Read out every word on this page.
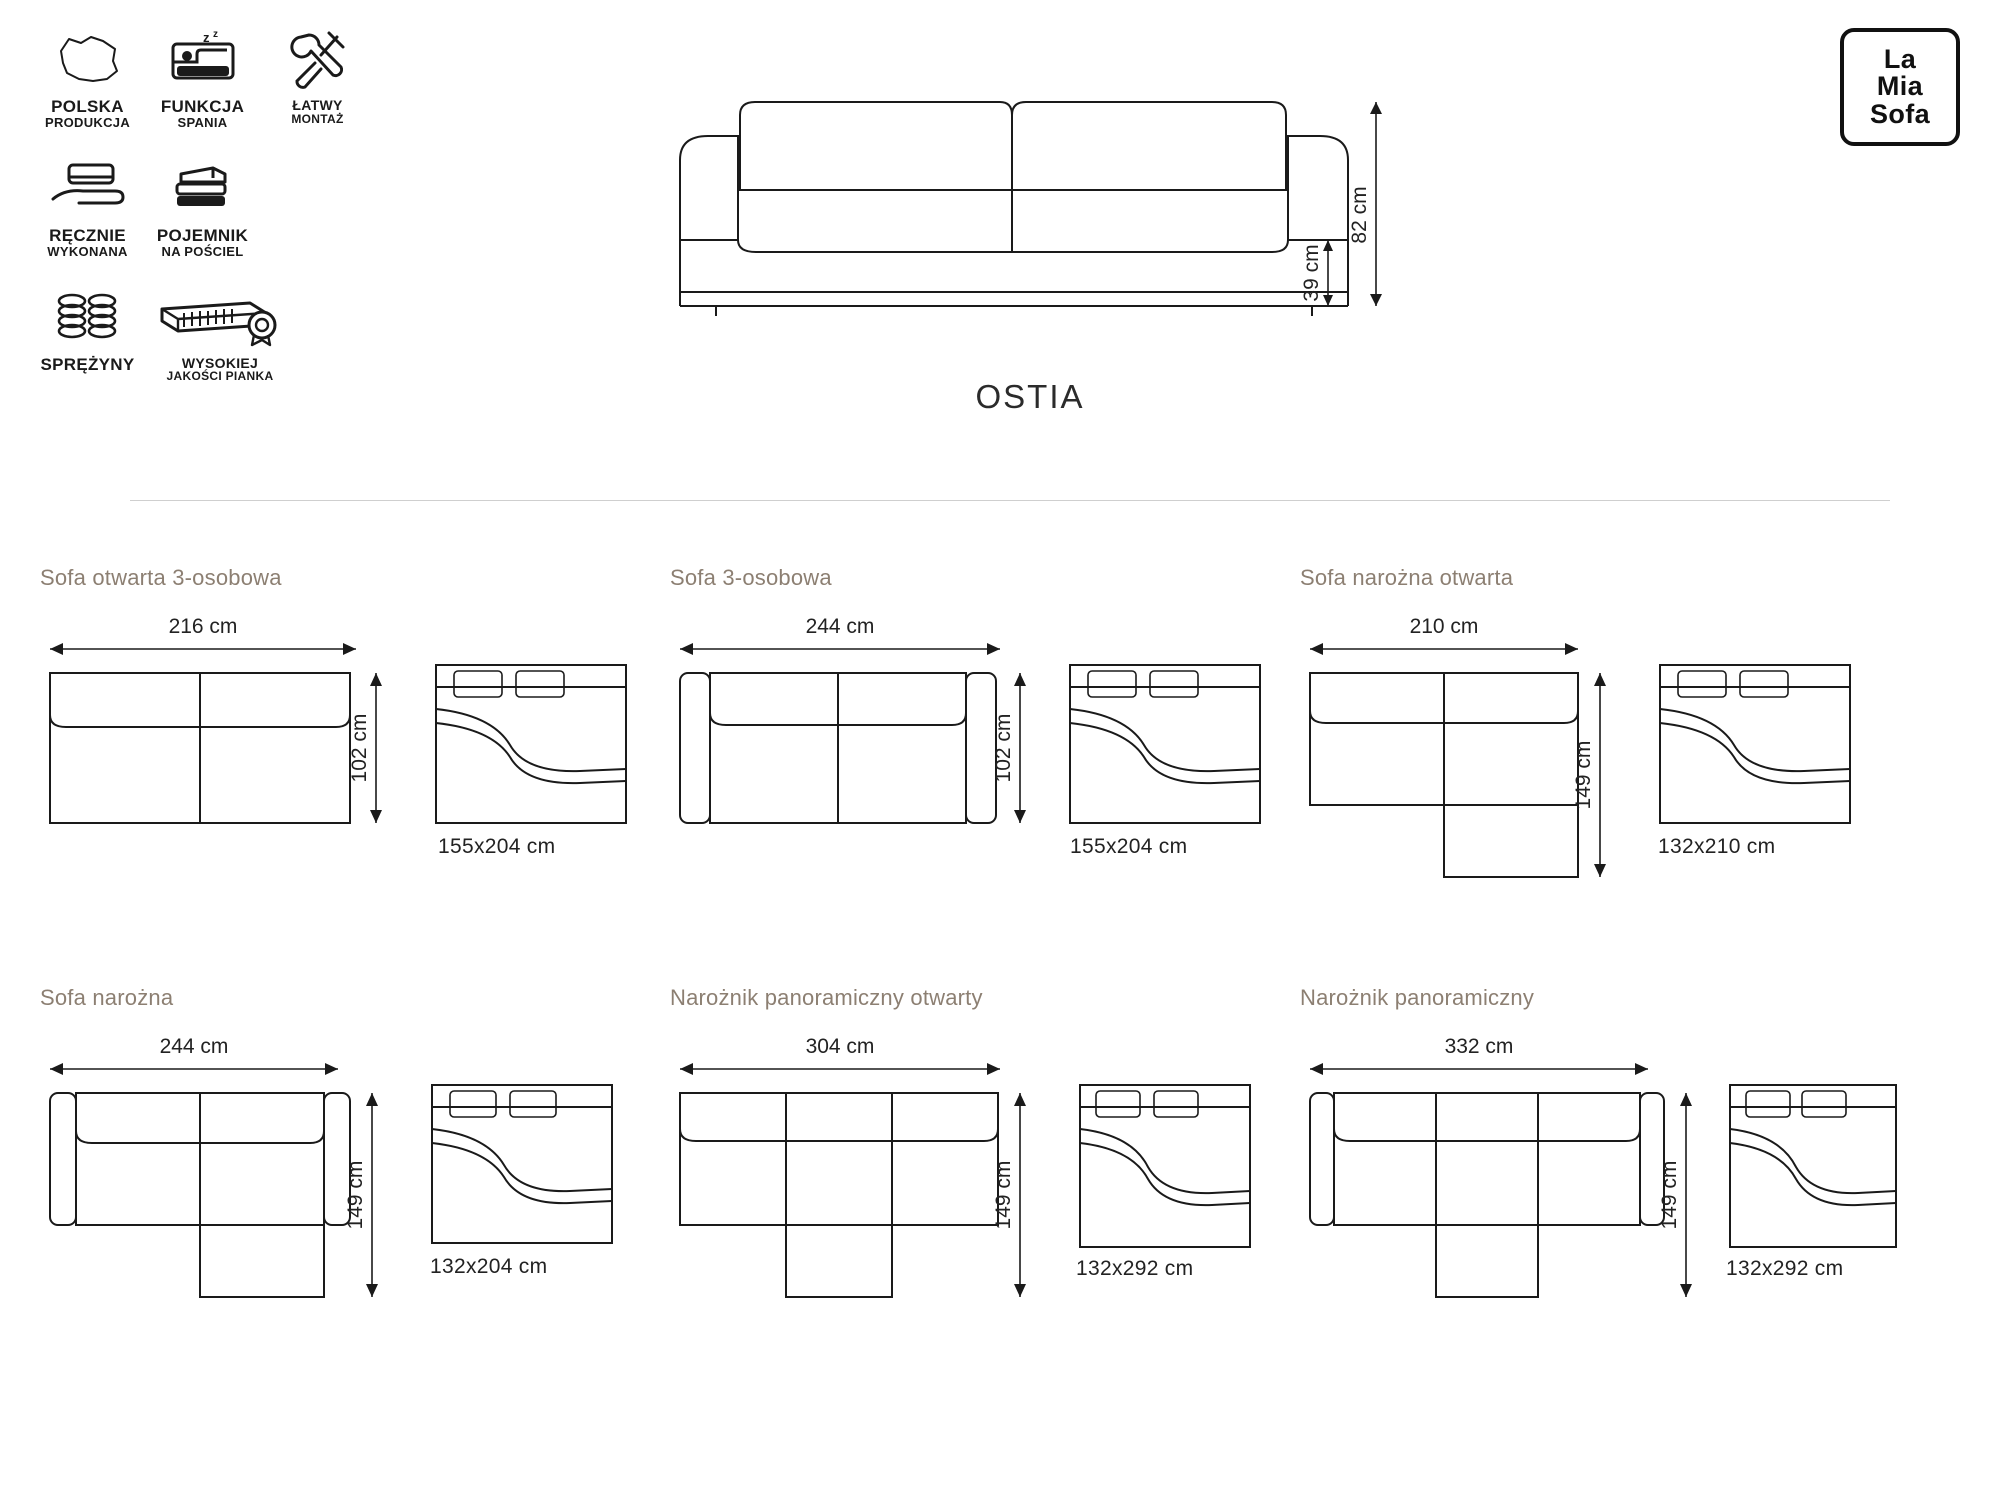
POLSKA
PRODUKCJA
z z
FUNKCJA
SPANIA
ŁATWY
MONTAŻ
RĘCZNIE
WYKONANA
POJEMNIK
NA POŚCIEL
SPRĘŻYNY	WYSOKIEJ
JAKOŚCI PIANKA
La
Mia
Sofa
82 cm
39 cm
OSTIA
Sofa otwarta 3-osobowa
216 cm
102 cm
155x204 cm
Sofa 3-osobowa
244 cm
102 cm
155x204 cm
Sofa narożna otwarta
210 cm
149 cm
132x210 cm
Sofa narożna
244 cm
149 cm
132x204 cm
Narożnik panoramiczny otwarty
304 cm
149 cm
132x292 cm
Narożnik panoramiczny
332 cm
149 cm
132x292 cm
